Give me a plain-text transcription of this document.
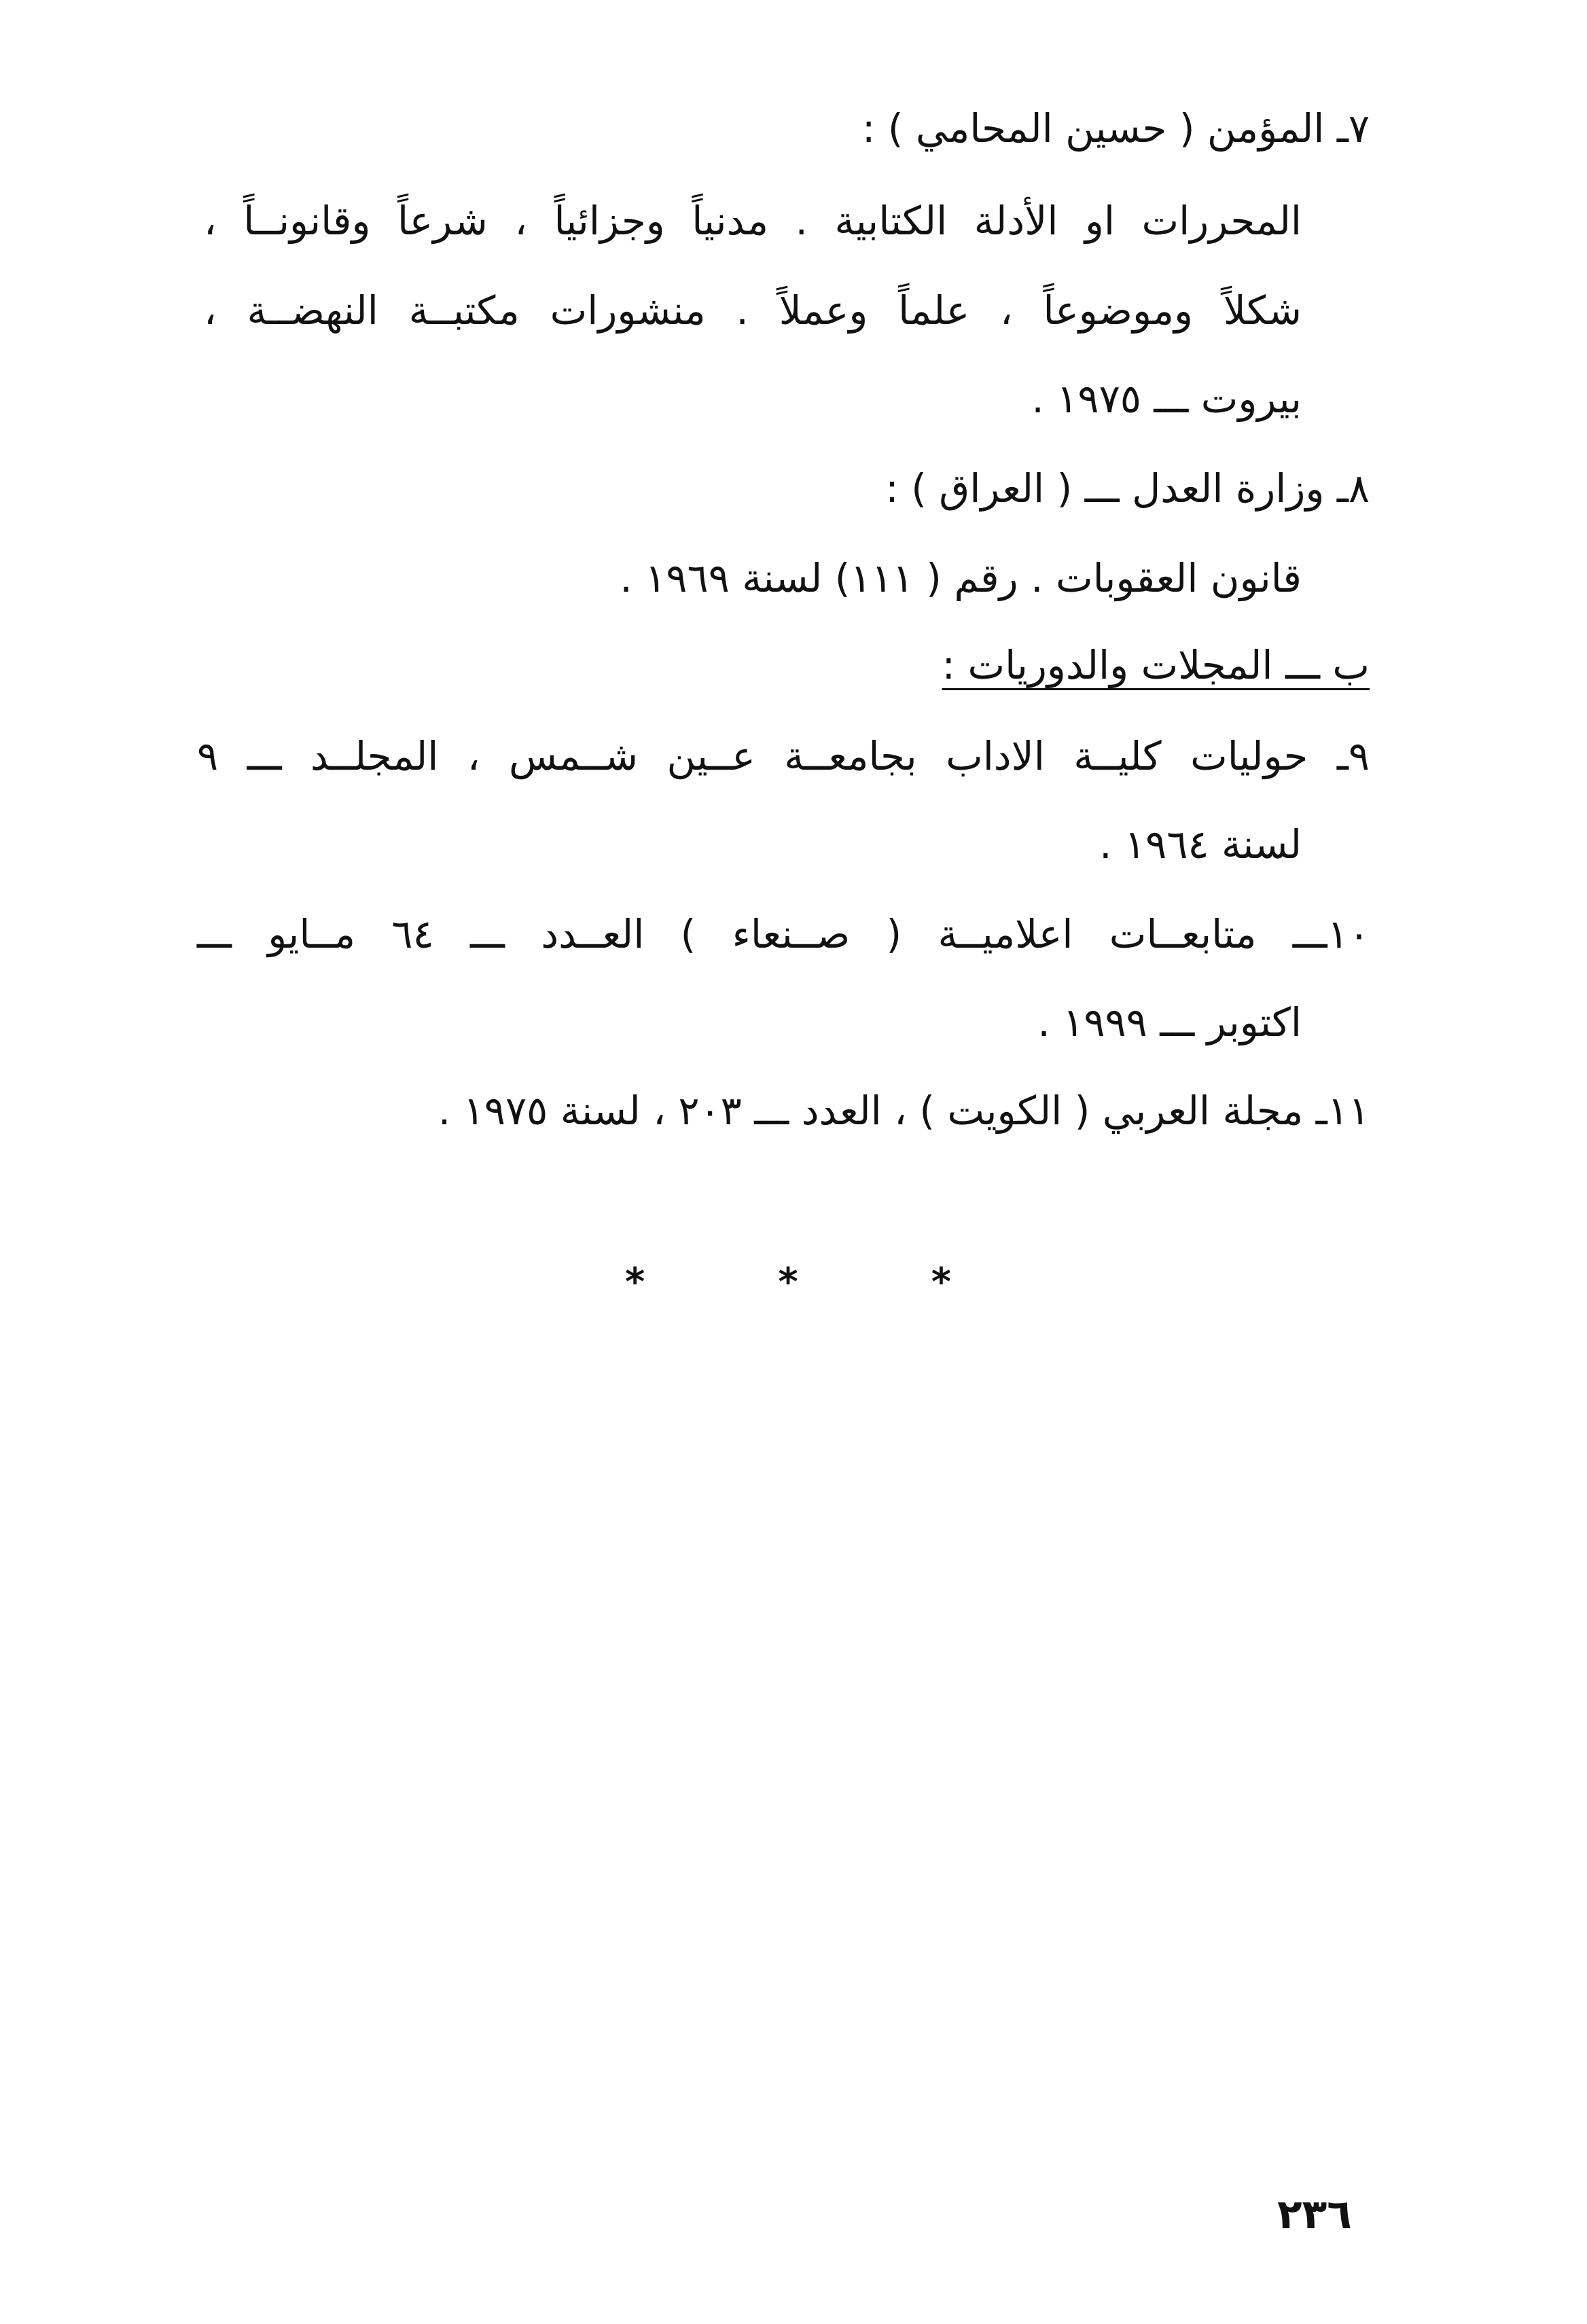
٧ـ المؤمن ( حسين المحامي ) :
المحررات او الأدلة الكتابية . مدنياً وجزائياً ، شرعاً وقانونــاً ،
شكلاً وموضوعاً ، علماً وعملاً . منشورات مكتبــة النهضــة ،
بيروت ـــ ١٩٧٥ .
٨ـ وزارة العدل ـــ ( العراق ) :
قانون العقوبات . رقم ( ١١١) لسنة ١٩٦٩ .
ب ـــ المجلات والدوريات :
٩ـ حوليات كليــة الاداب بجامعــة عــين شــمس ، المجلــد ـــ ٩
لسنة ١٩٦٤ .
١٠ـــ متابعــات اعلاميــة ( صــنعاء ) العــدد ـــ ٦٤ مــايو ـــ
اكتوبر ـــ ١٩٩٩ .
١١ـ مجلة العربي ( الكويت ) ، العدد ـــ ٢٠٣ ، لسنة ١٩٧٥ .
*	*	*
٢٣٦
